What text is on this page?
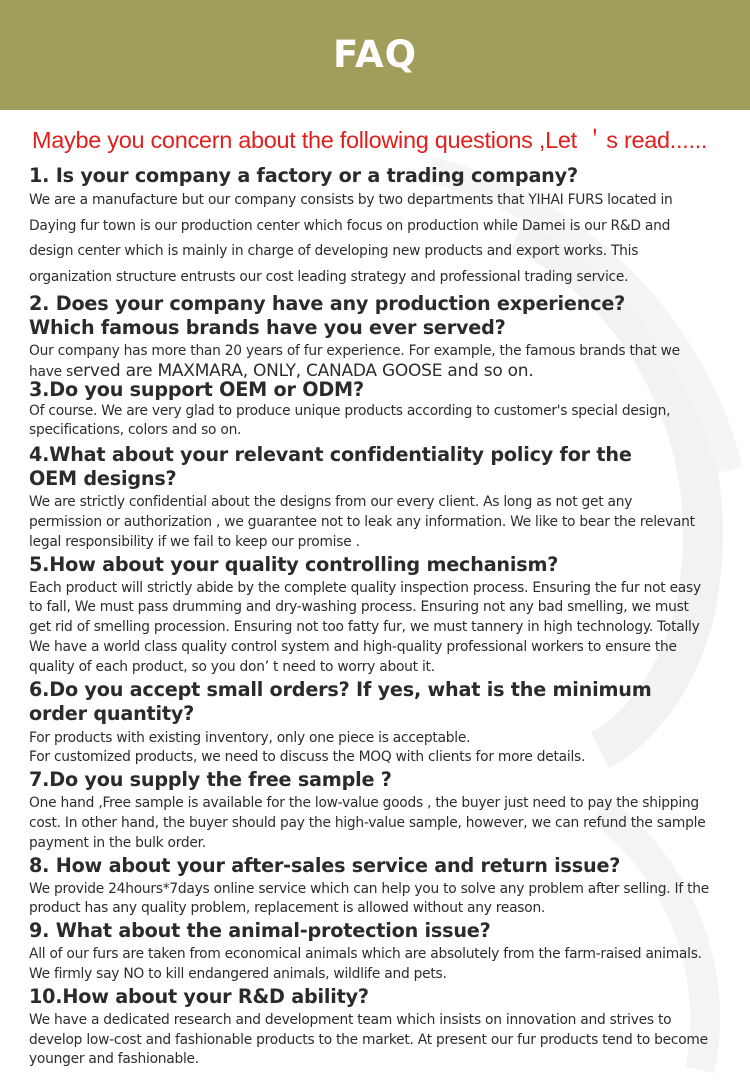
FAQ
Maybe you concern about the following questions ,Let ＇s read......
1. Is your company a factory or a trading company?
We are a manufacture but our company consists by two departments that YIHAI FURS located in Daying fur town is our production center which focus on production while Damei is our R&D and design center which is mainly in charge of developing new products and export works. This organization structure entrusts our cost leading strategy and professional trading service.
2. Does your company have any production experience? Which famous brands have you ever served?
Our company has more than 20 years of fur experience. For example, the famous brands that we have served are MAXMARA, ONLY, CANADA GOOSE and so on.
3.Do you support OEM or ODM?
Of course. We are very glad to produce unique products according to customer's special design, specifications, colors and so on.
4.What about your relevant confidentiality policy for the OEM designs?
We are strictly confidential about the designs from our every client. As long as not get any permission or authorization , we guarantee not to leak any information. We like to bear the relevant legal responsibility if we fail to keep our promise .
5.How about your quality controlling mechanism?
Each product will strictly abide by the complete quality inspection process. Ensuring the fur not easy to fall, We must pass drumming and dry-washing process. Ensuring not any bad smelling, we must get rid of smelling procession. Ensuring not too fatty fur, we must tannery in high technology. Totally We have a world class quality control system and high-quality professional workers to ensure the quality of each product, so you don’ t need to worry about it.
6.Do you accept small orders? If yes, what is the minimum order quantity?
For products with existing inventory, only one piece is acceptable.
For customized products, we need to discuss the MOQ with clients for more details.
7.Do you supply the free sample ?
One hand ,Free sample is available for the low-value goods , the buyer just need to pay the shipping cost. In other hand, the buyer should pay the high-value sample, however, we can refund the sample payment in the bulk order.
8. How about your after-sales service and return issue?
We provide 24hours*7days online service which can help you to solve any problem after selling. If the product has any quality problem, replacement is allowed without any reason.
9. What about the animal-protection issue?
All of our furs are taken from economical animals which are absolutely from the farm-raised animals. We firmly say NO to kill endangered animals, wildlife and pets.
10.How about your R&D ability?
We have a dedicated research and development team which insists on innovation and strives to develop low-cost and fashionable products to the market. At present our fur products tend to become younger and fashionable.
